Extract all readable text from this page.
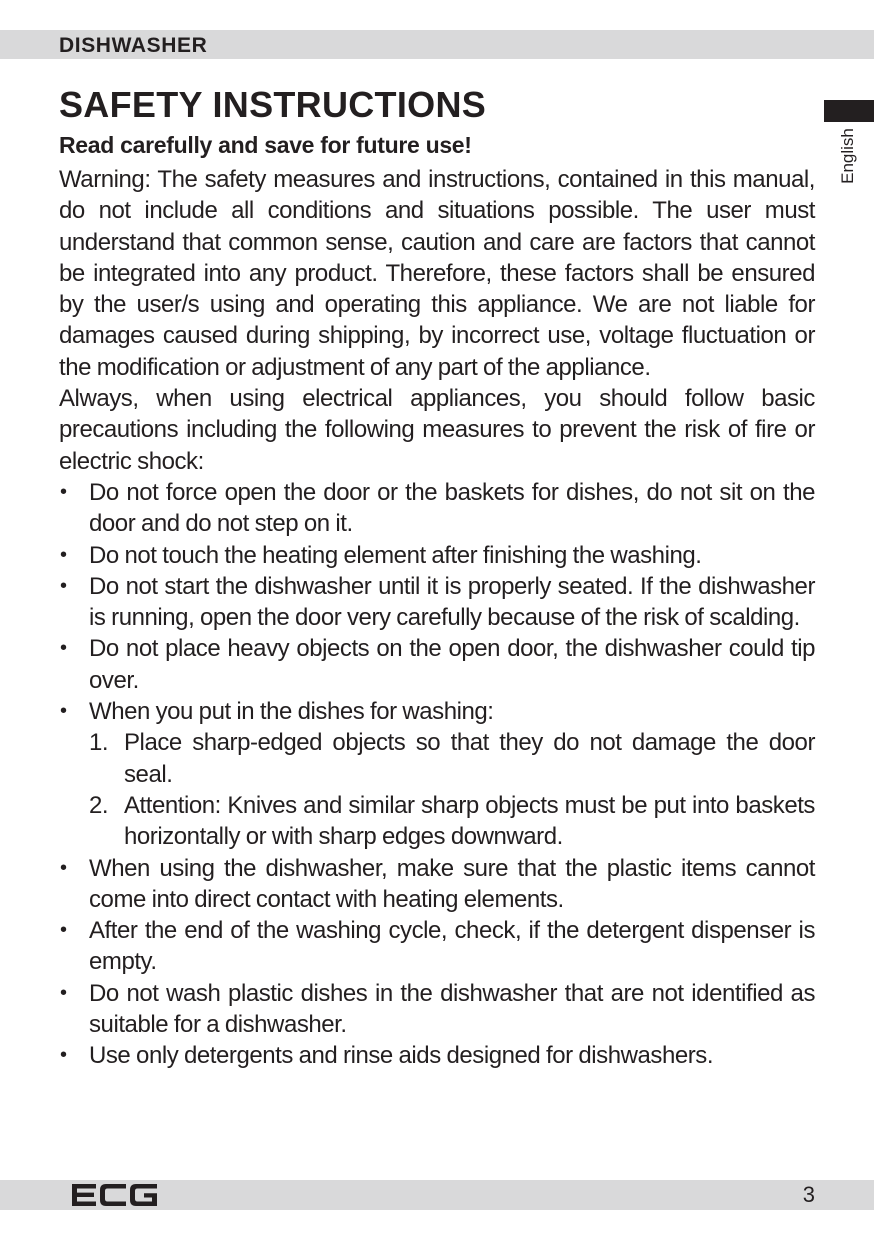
DISHWASHER
English
SAFETY INSTRUCTIONS

Read carefully and save for future use!

Warning: The safety measures and instructions, contained in this manual, do not include all conditions and situations possible. The user must understand that common sense, caution and care are factors that cannot be integrated into any product. Therefore, these factors shall be ensured by the user/s using and operating this appliance. We are not liable for damages caused during shipping, by incorrect use, voltage fluctuation or the modification or adjustment of any part of the appliance.

Always, when using electrical appliances, you should follow basic precautions including the following measures to prevent the risk of fire or electric shock:

• Do not force open the door or the baskets for dishes, do not sit on the door and do not step on it.
• Do not touch the heating element after finishing the washing.
• Do not start the dishwasher until it is properly seated. If the dishwasher is running, open the door very carefully because of the risk of scalding.
• Do not place heavy objects on the open door, the dishwasher could tip over.
• When you put in the dishes for washing:
1. Place sharp-edged objects so that they do not damage the door seal.
2. Attention: Knives and similar sharp objects must be put into baskets horizontally or with sharp edges downward.
• When using the dishwasher, make sure that the plastic items cannot come into direct contact with heating elements.
• After the end of the washing cycle, check, if the detergent dispenser is empty.
• Do not wash plastic dishes in the dishwasher that are not identified as suitable for a dishwasher.
• Use only detergents and rinse aids designed for dishwashers.
3
